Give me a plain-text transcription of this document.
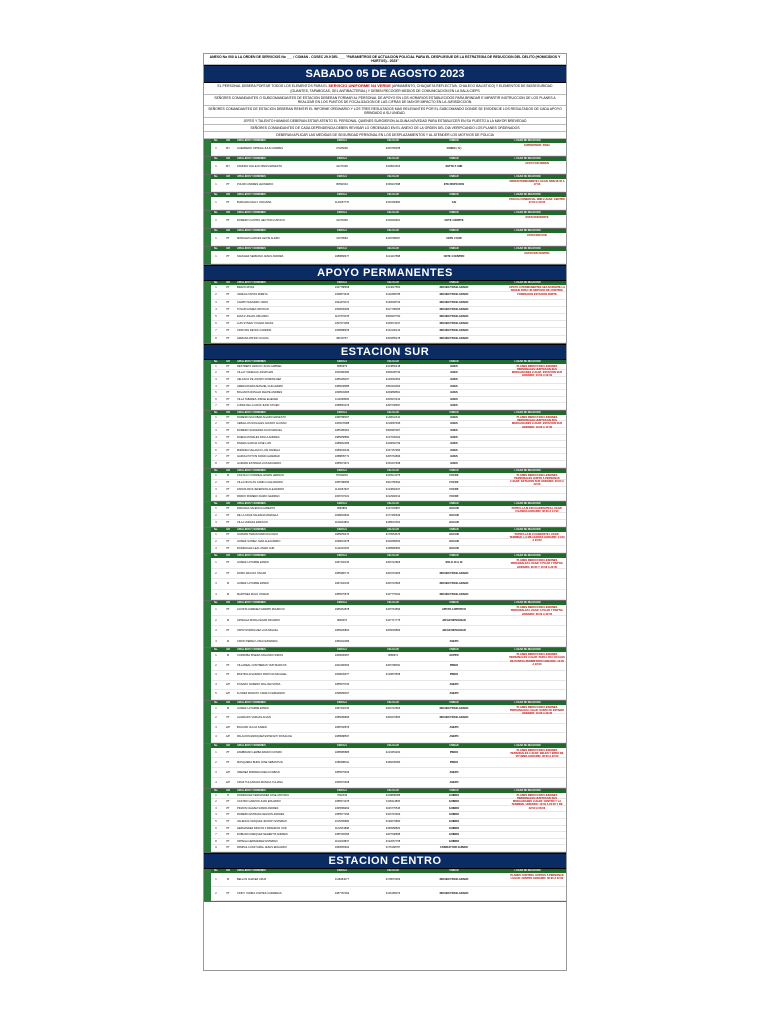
ANEXO No 000 A LA ORDEN DE SERVICIOS No ___ / COMAN - COSEC 29.9 DEL ___ "PARAMETROS DE ACTUACION POLICIAL PARA EL DESPLIEGUE DE LA ESTRATEGIA DE REDUCCION DEL DELITO (HOMICIDIOS Y HURTOS) - 2023"
SABADO 05 DE AGOSTO 2023
EL PERSONAL DEBERA PORTAR TODOS LOS ELEMENTOS PARA EL SERVICIO UNIFORME N4 VERDE (ARMAMENTO, CHAQUETA REFLECTIVA, CHALECO BALISTICO) Y ELEMENTOS DE BIOSEGURIDAD (GUANTES, TAPABOCAS, GEL ANTIBACTERIAL) Y DEBEN RECOGER MEDIOS DE COMUNICACION EN LA SALA CIEPS
SEÑORES COMANDANTES O SUBCOMANDANTES DE ESTACION DEBERAN FORMAR AL PERSONAL DE APOYO EN LOS HORARIOS ESTABLECIDOS PARA BRINDAR E IMPARTIR INSTRUCCION DE LOS PLANES A REALIZAR EN LOS PUNTOS DE FOCALIZACION DE LAS CIFRAS DE MAYOR IMPACTO EN LA JURISDICCION.
SEÑORES COMANDANTES DE ESTACION DEBERAN REMITIR EL INFORME ORDINARIO Y LOS TRES RESULTADOS MAS RELEVANTES POR EL SUBCOMANDO DONDE SE EVIDENCIE LOS RESULTADOS DE CADA APOYO BRINDADO A SU UNIDAD.
JEFES Y TALENTO HUMANO DEBERAN ESTAR ATENTO EL PERSONAL QUIENES SURGIERON ALGUNA NOVEDAD PARA ESTABLECER EN SU PUESTO A LA MAYOR BREVEDAD
SEÑORES COMANDANTES DE CADA DEPENDENCIA DEBEN REVISAR LO ORDENADO EN EL ANEXO DE LA ORDEN DEL DIA VERIFICANDO LOS PLANES ORDENADOS
DEBERAN APLICAR LAS MEDIDAS DE SEGURIDAD PERSONAL EN LOS DESPLAZAMIENTOS Y AL ATENDER LOS MOTIVOS DE POLICIA
No.	GR	APELLIDOS Y NOMBRES	CEDULA	CELULAR	UNIDAD	LUGAR DE REACCION
1	MY	GUERRERO ORTEGA JULIO ANDRES	07945098	3205765458	COSEC ( S )
SUPERVISOR: ZONA
No.	GR	APELLIDOS Y NOMBRES	CEDULA	CELULAR	UNIDAD	LUGAR DE REACCION
1	MY	ZAMORA VALLEJO DIMAS ERNESTO	10271599	3108510503	ESTTE 5 LMD
APOYO EN ORDEN
No.	GR	APELLIDOS Y NOMBRES	CEDULA	CELULAR	UNIDAD	LUGAR DE REACCION
1	PT	PULIDO ANDRES LEONARDO	80591504	3158447998	ETE DISPO DOS
ORDEN PERMANENTE LUGAR: NNN 06:00 A 17:00
No.	GR	APELLIDOS Y NOMBRES	CEDULA	CELULAR	UNIDAD	LUGAR DE REACCION
1	PT	BURGADA KELLY JOHANNA	1144057770	3150160860	CAI
POLICIA COMERCIAL NNN LUGAR: CENTRO 07:00 A 20:00
No.	GR	APELLIDOS Y NOMBRES	CEDULA	CELULAR	UNIDAD	LUGAR DE REACCION
1	PT	ROMERO CASTRO HECTOR GUSTAVO	10076399	3108409901	CETE 4 NORTE
ESTACION NORTE
No.	GR	APELLIDOS Y NOMBRES	CEDULA	CELULAR	UNIDAD	LUGAR DE REACCION
1	PT	MORALES GARCES LEIVIS ALDRO	10079584	3108798007	CETE 4 SUR
ESTACION SUR
No.	GR	APELLIDOS Y NOMBRES	CEDULA	CELULAR	UNIDAD	LUGAR DE REACCION
1	PT	SANCHEZ SERRANO JESUS ANDRES	1088868477	3124447898	CETE 4 CENTRO
ESTACION CENTRO
APOYO PERMANENTES
No.	GR	APELLIDOS Y NOMBRES	CEDULA	CELULAR	UNIDAD	LUGAR DE REACCION
1	PT	BRAVO RIVAS	1027788658	3104627560	RECIEN TRASLADADO
2	PT	VANEGA TAPIAS MIREYA	1098573915	3146489785	RECIEN TRASLADADO
3	PT	CAMPO NAVARRO JAIRO	1094479071	3136548703	RECIEN TRASLADADO
4	PT	TOVAR GOMEZ CRISTIAN	1099500486	3017708305	RECIEN TRASLADADO
5	PT	DIAZ R JOHAN ORLANDO	1107570078	3008497790	RECIEN TRASLADADO
6	PT	LUIS STIVEN YUSARA NAVAS	1097574056	3165074497	RECIEN TRASLADADO
7	PT	CRISTIAN REYES CARRION	1098588405	3132100213	RECIEN TRASLADADO
8	PT	ADRIANA PATINO OCHOA	38159767	3208455278	RECIEN TRASLADADO
APOYO A PERMANENTES SEA DURANTE LA NOCHE PARA UN SERVICIO DE CONTROL FORMACION ESTACION NORTE
ESTACION SUR
No.	GR	APELLIDOS Y NOMBRES	CEDULA	CELULAR	UNIDAD	LUGAR DE REACCION
1	PT	RESTREPO ARAUJO JUAN GABRIEL	8583379	3104860418	GOES
2	PT	VILLAY VANEGAS JONATHAN	1069486380	3008238793	GOES
3	PT	VELASCO PE JONATO DOMINGUEZ	1085499027	3145662654	GOES
4	PT	ARENA RUEDA MANUEL GUILLERMO	1085048985	3050404004	GOES
5	PT	BOLANOS RONALD FELIPE ANDRES	1098549965	3209868801	GOES
6	PT	VILLA TABARES JORGE ELIECER	1113668995	3206970432	GOES
7	PT	LOPEZ DE LA CRUZ JHON STIVEN	1088081076	3205748997	GOES
PLANES REDUCCION LESIONES PERSONALES HURTOS EN SUS MODALIDADES LUGAR: ESTACION SUR HORARIO: 10:00 A 22:00
No.	GR	APELLIDOS Y NOMBRES	CEDULA	CELULAR	UNIDAD	LUGAR DE REACCION
1	PT	ROMERO ESCOBAR ALVARO ERNESTO	1088788067	3148642610	GOES
2	PT	CEBALLOS NOGALES JHONNY ALONSO	1066078088	3219687695	GOES
3	PT	ROMERO SAAVEDRA JUAN MANUEL	1085186061	3008387967	GOES
4	PT	RUEDA MUNALES PAOLA ANDREA	1085058890	3217636022	GOES
5	PT	RIVERA GARCIA JOSE LUIS	1088062386	3108062799	GOES
6	PT	MIRANDA VELASCO LUIS DANIELA	1080046919	3157157994	GOES
7	PT	GARCIA POTOSI DAWIN ALDEMAR	1088805771	3205764896	GOES
8	PT	GUZMAN ESTRADA LUIS EDUARDO	1085573971	3150407698	GOES
PLANES REDUCCION LESIONES PERSONALES HURTOS EN SUS MODALIDADES LUGAR: ESTACION SUR HORARIO: 10:00 A 17:00
No.	GR	APELLIDOS Y NOMBRES	CEDULA	CELULAR	UNIDAD	LUGAR DE REACCION
1	SI	CASTILLO CORREAL EDWIN HERNAN	87944804	3046541975	FUCOF
2	PT	VILLA NICOLAS CAMILO ALEJANDRO	1085788996	3002756694	FUCOF
3	PT	ZAPATA RIOS JEFERSON ALEJANDRO	1144067907	3123892947	FUCOF
4	PT	PARDO ROMERO DARIO GERMAN	1066797321	3212990012	FUCOF
PLANES REDUCCION LESIONES PERSONALES HURTO A PERSONAS LUGAR: ESTACION SUR HORARIO: 06:00 A 22:00
No.	GR	APELLIDOS Y NOMBRES	CEDULA	CELULAR	UNIDAD	LUGAR DE REACCION
1	PT	PARANGA VALENCIA ALBERTO	9984869	3127249867	GUCAR
2	PT	DE LA CRUZ SALDANA MARCELA	1098694694	3177466549	GUCAR
3	PT	VILLA VARGAS ERIKSON	1109604861	3188016504	GUCAR
PATRULLAJE EN CUADRANTES LUGAR: FILANDIA HORARIO: 06:00 A 14:00
No.	GR	APELLIDOS Y NOMBRES	CEDULA	CELULAR	UNIDAD	LUGAR DE REACCION
1	PT	GUZMAN TERAN MARCOS FAVIO	1085055470	3176564676	GUCAR
2	PT	GOMEZ GOMEZ JHAN ALEJANDRO	1098019978	3108489603	GUCAR
3	PT	RODRIGUEZ LEAL OMAR JAIR	1114040405	3188986804	GUCAR
PATRULLAJE CUADRANTE LUGAR: TERMINAL LA MILAGROSA HORARIO: 14:00 A 22:00
No.	GR	APELLIDOS Y NOMBRES	CEDULA	CELULAR	UNIDAD	LUGAR DE REACCION
1	PT	GOMEZ LATORRE EDWIN	1087440015	3206710806	SOLO 10 A 12
2	PT	ROMO ARAUJO OSCAR	1085980774	3209719906	RECIEN TRASLADADO
3	SI	GOMEZ LATORRE EDWIN	1087440015	3206710806	RECIEN TRASLADADO
4	SI	MARTINEZ MALO OSWAR	1085575575	3167775024	RECIEN TRASLADADO
PLANES REDUCCION LESIONES PERSONALES LUGAR: 6 PILAR Y PARTAL HORARIO: 06:00 Y 10:00 A 22:00
No.	GR	APELLIDOS Y NOMBRES	CEDULA	CELULAR	UNIDAD	LUGAR DE REACCION
1	PT	ACOSTA GIMENEZ DARWIN MAURICIO	1085464878	3205764896	APOYO LOPISTICO
2	SI	ARTEAGA MORA CESAR RICARDO	9893070	3167717775	JAFAD MOVILIDAD
3	PT	ORTIZ RODRIGUEZ LUIS MIGUEL	1085900800	3205093893	JAFAD MOVILIDAD
4	SI	CIRON PEREZ LUISA FERNANDA	1089402089	ASEPO
PLANES REDUCCION LESIONES PERSONALES LUGAR: 6 PILAR Y PARTAL HORARIO: 06:00 A 22:00
No.	GR	APELLIDOS Y NOMBRES	CEDULA	CELULAR	UNIDAD	LUGAR DE REACCION
1	SI	CORDOBA PINEDA ORLANDO SIMON	1069096957	3868672	GUPPO
2	PT	VILLAREAL CONTRERAS YEPI MARCOS	1062490663	3206798091	PINKO
3	PT	BASTIDA ALVARADO PANTOJA MICHAEL	1068039977	3126879558	PINKO
4	A/P	POSADO NORENO WILLIAM SORIA	1085576794	ASEPO
5	A/P	FLOREZ MORATO CAMILO FERNANDO	1098658307	ASEPO
PLANES REDUCCION LESIONES PERSONALES LUGAR: PARA LOS LOCALES DE PUNTAS PERIMETROS HORARIO: 10:00 A 22:00
No.	GR	APELLIDOS Y NOMBRES	CEDULA	CELULAR	UNIDAD	LUGAR DE REACCION
1	SI	GOMEZ LATORRE EDWIN	1087440015	3206710806	RECIEN TRASLADADO
2	PT	ALVARADO VARGAS ALVAN	1085089896	3208476806	RECIEN TRASLADADO
3	A/P	BOLIVAR ULLOA KAREN	1088760876	ASEPO
4	A/P	PALACIOS ENRIQUEZ ESTEFANY ROSALICE	1088988697	ASEPO
PLANES REDUCCION LESIONES PERSONALES LUGAR: SANTA FE ESTADIO HORARIO: 10:00 A 22:00
No.	GR	APELLIDOS Y NOMBRES	CEDULA	CELULAR	UNIDAD	LUGAR DE REACCION
1	PT	ZAMBRANO LEMBA RAMON COSMO	1088985885	3210453264	PINKO
2	PT	MOSQUERA BUEN JOSE SEBASTIAN	1088488011	3186605082	PINKO
3	A/P	JIMENEZ MIRANDA DIEGO FABIAN	1085575466	ASEPO
4	A/P	CRUZ TULCANAZA MONICA YULIANA	1095576608	ASEPO
PLANES REDUCCION LESIONES PERSONALES LUGAR: BELEN Y ERDO DE VIYUMBA HORARIO: 06:00 A 22:00
No.	GR	APELLIDOS Y NOMBRES	CEDULA	CELULAR	UNIDAD	LUGAR DE REACCION
1	IT	RODRIGUEZ FERNANDEZ JOSE ANTONIO	7832049	3108898088	GUINDO
2	PT	CASTRO GARZON JUAN EDUARDO	1085574075	3118414805	GUINDO
3	PT	PINZON CHAVEZ RAMIR ANDRES	1095589964	3046775545	GUINDO
4	PT	ROMERO ESTRADA NELSON ANDRES	1085577395	3106715609	GUINDO
5	PT	VALENCIA VASQUEZ JHONNY ESTEBAN	1015265884	3136079890	GUINDO
6	PT	HERNANDEZ RINCON F BRANDON YAIR	1102531898	3186958804	GUINDO
7	PT	RUBIANO MARQUEZ NEHENTIS ANDRES	1085783095	3207608868	GUINDO
8	PT	ORTEGA HERNANDEZ ESTEBAN	1104018837	3132067768	GUINDO
9	PT	PAMPLE CUASTUMAL JESUS EDUARDO	1089565602	3175168787	CONDUCTOR GUINDO
PLANES REDUCCION LESIONES PERSONALES HURTOS EN SUS MODALIDADES LUGAR: CENTRO Y LA TERMINAL HORARIO: 10:00 A 22:00 Y DE 22:00 A 06:00
ESTACION CENTRO
No.	GR	APELLIDOS Y NOMBRES	CEDULA	CELULAR	UNIDAD	LUGAR DE REACCION
1	SI	BELLOS CHAVEZ CRUZ	1118464077	3178070906	RECIEN TRASLADADO
2	PT	CINDY YADIRA CORTES CARDENAS	1087787062	3126189073	RECIEN TRASLADADO
PLANES CONTROL HURTOS A PERSONAS LUGAR: CENTRO HORARIO: 06:00 A 22:00
